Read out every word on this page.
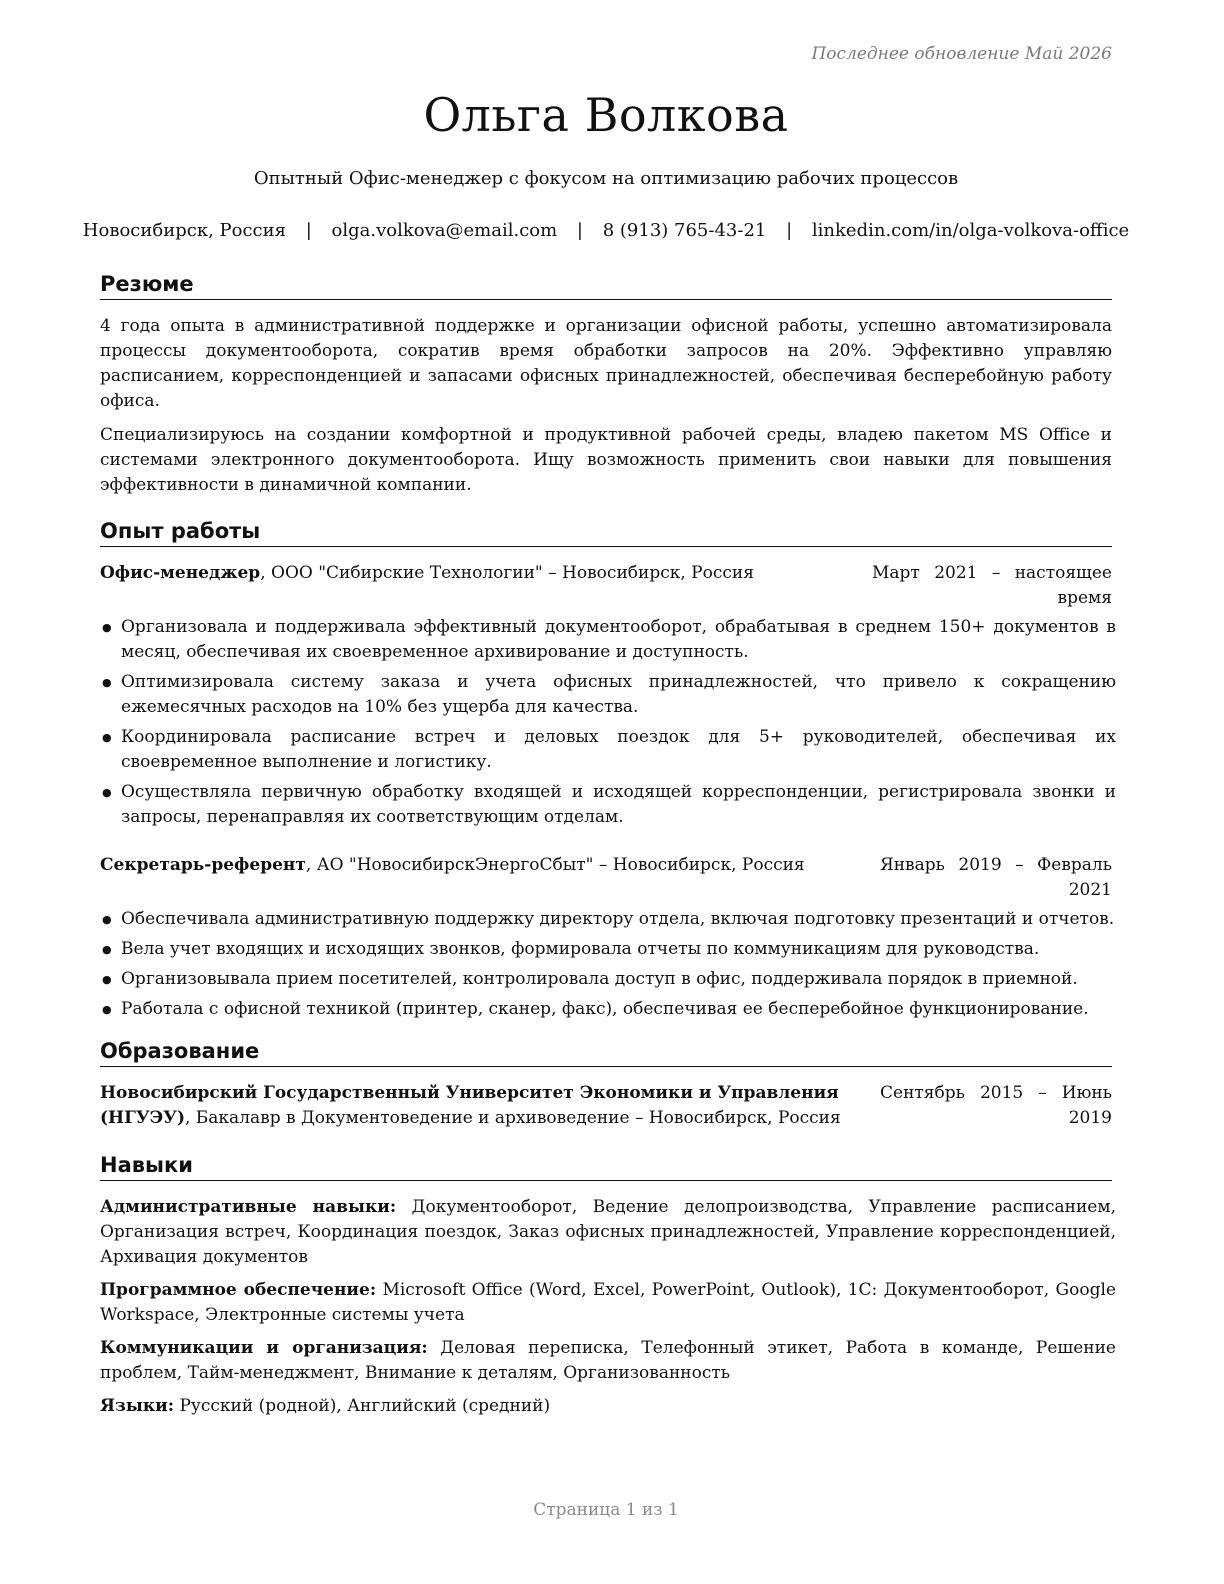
Последнее обновление Май 2026
Ольга Волкова
Опытный Офис-менеджер с фокусом на оптимизацию рабочих процессов
Новосибирск, Россия | olga.volkova@email.com | 8 (913) 765-43-21 | linkedin.com/in/olga-volkova-office
Резюме

4 года опыта в административной поддержке и организации офисной работы, успешно автоматизировала процессы документооборота, сократив время обработки запросов на 20%. Эффективно управляю расписанием, корреспонденцией и запасами офисных принадлежностей, обеспечивая бесперебойную работу офиса.

Специализируюсь на создании комфортной и продуктивной рабочей среды, владею пакетом MS Office и системами электронного документооборота. Ищу возможность применить свои навыки для повышения эффективности в динамичной компании.

Опыт работы
Офис-менеджер, ООО "Сибирские Технологии" – Новосибирск, Россия	Март 2021 – настоящее время
● Организовала и поддерживала эффективный документооборот, обрабатывая в среднем 150+ документов в месяц, обеспечивая их своевременное архивирование и доступность.
● Оптимизировала систему заказа и учета офисных принадлежностей, что привело к сокращению ежемесячных расходов на 10% без ущерба для качества.
● Координировала расписание встреч и деловых поездок для 5+ руководителей, обеспечивая их своевременное выполнение и логистику.
● Осуществляла первичную обработку входящей и исходящей корреспонденции, регистрировала звонки и запросы, перенаправляя их соответствующим отделам.
Секретарь-референт, АО "НовосибирскЭнергоСбыт" – Новосибирск, Россия	Январь 2019 – Февраль 2021
● Обеспечивала административную поддержку директору отдела, включая подготовку презентаций и отчетов.
● Вела учет входящих и исходящих звонков, формировала отчеты по коммуникациям для руководства.
● Организовывала прием посетителей, контролировала доступ в офис, поддерживала порядок в приемной.
● Работала с офисной техникой (принтер, сканер, факс), обеспечивая ее бесперебойное функционирование.
Образование
Новосибирский Государственный Университет Экономики и Управления (НГУЭУ), Бакалавр в Документоведение и архивоведение – Новосибирск, Россия
Сентябрь 2015 – Июнь 2019
Навыки

Административные навыки: Документооборот, Ведение делопроизводства, Управление расписанием, Организация встреч, Координация поездок, Заказ офисных принадлежностей, Управление корреспонденцией, Архивация документов

Программное обеспечение: Microsoft Office (Word, Excel, PowerPoint, Outlook), 1С: Документооборот, Google Workspace, Электронные системы учета

Коммуникации и организация: Деловая переписка, Телефонный этикет, Работа в команде, Решение проблем, Тайм-менеджмент, Внимание к деталям, Организованность

Языки: Русский (родной), Английский (средний)

Страница 1 из 1
